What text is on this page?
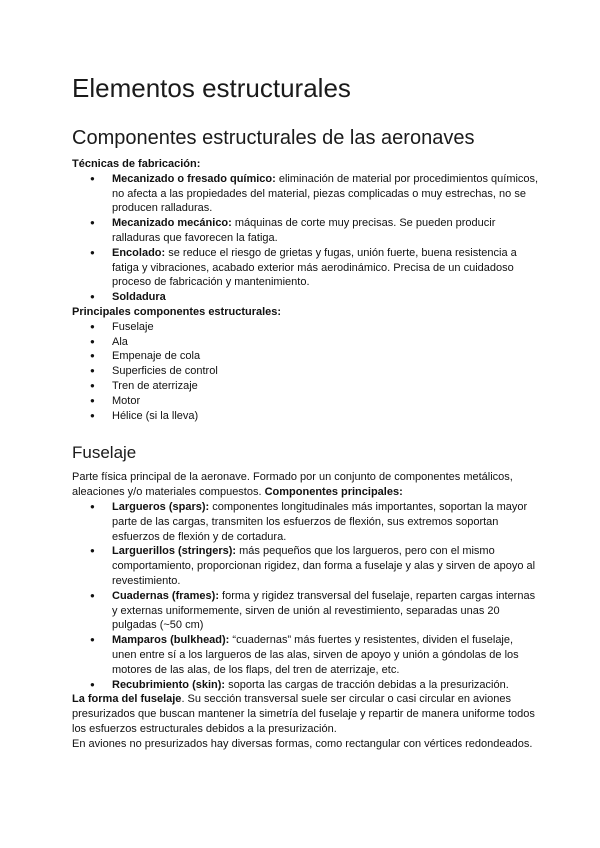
Elementos estructurales
Componentes estructurales de las aeronaves

Técnicas de fabricación:

● Mecanizado o fresado químico: eliminación de material por procedimientos químicos, no afecta a las propiedades del material, piezas complicadas o muy estrechas, no se producen ralladuras.
● Mecanizado mecánico: máquinas de corte muy precisas. Se pueden producir ralladuras que favorecen la fatiga.
● Encolado: se reduce el riesgo de grietas y fugas, unión fuerte, buena resistencia a fatiga y vibraciones, acabado exterior más aerodinámico. Precisa de un cuidadoso proceso de fabricación y mantenimiento.
● Soldadura

Principales componentes estructurales:

● Fuselaje
● Ala
● Empenaje de cola
● Superficies de control
● Tren de aterrizaje
● Motor
● Hélice (si la lleva)
Fuselaje

Parte física principal de la aeronave. Formado por un conjunto de componentes metálicos, aleaciones y/o materiales compuestos. Componentes principales:

● Largueros (spars): componentes longitudinales más importantes, soportan la mayor parte de las cargas, transmiten los esfuerzos de flexión, sus extremos soportan esfuerzos de flexión y de cortadura.
● Larguerillos (stringers): más pequeños que los largueros, pero con el mismo comportamiento, proporcionan rigidez, dan forma a fuselaje y alas y sirven de apoyo al revestimiento.
● Cuadernas (frames): forma y rigidez transversal del fuselaje, reparten cargas internas y externas uniformemente, sirven de unión al revestimiento, separadas unas 20 pulgadas (~50 cm)
● Mamparos (bulkhead): “cuadernas” más fuertes y resistentes, dividen el fuselaje, unen entre sí a los largueros de las alas, sirven de apoyo y unión a góndolas de los motores de las alas, de los flaps, del tren de aterrizaje, etc.
● Recubrimiento (skin): soporta las cargas de tracción debidas a la presurización.

La forma del fuselaje. Su sección transversal suele ser circular o casi circular en aviones presurizados que buscan mantener la simetría del fuselaje y repartir de manera uniforme todos los esfuerzos estructurales debidos a la presurización.

En aviones no presurizados hay diversas formas, como rectangular con vértices redondeados.
